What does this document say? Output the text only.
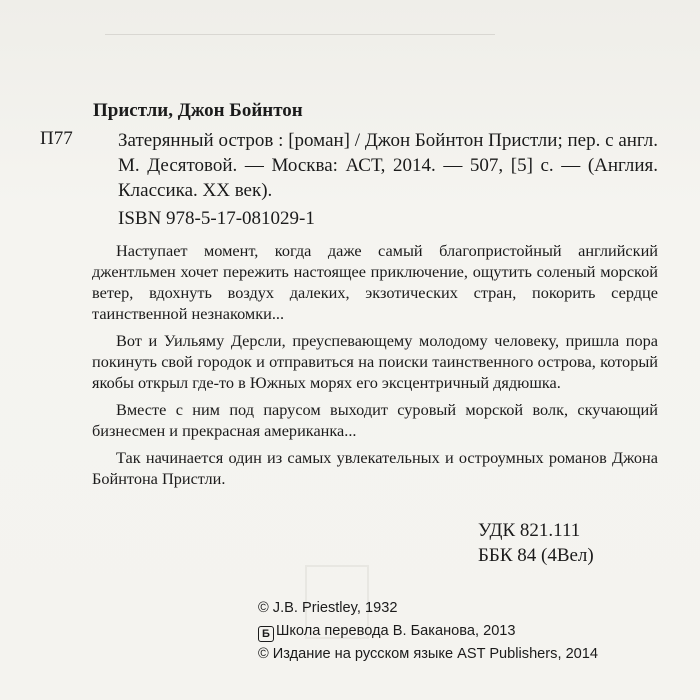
Пристли, Джон Бойнтон
П77 Затерянный остров : [роман] / Джон Бойнтон Пристли; пер. с англ. М. Десятовой. — Москва: АСТ, 2014. — 507, [5] с. — (Англия. Классика. XX век).
ISBN 978-5-17-081029-1

Наступает момент, когда даже самый благопристойный английский джентльмен хочет пережить настоящее приключение, ощутить соленый морской ветер, вдохнуть воздух далеких, экзотических стран, покорить сердце таинственной незнакомки...

Вот и Уильяму Дерсли, преуспевающему молодому человеку, пришла пора покинуть свой городок и отправиться на поиски таинственного острова, который якобы открыл где-то в Южных морях его эксцентричный дядюшка.

Вместе с ним под парусом выходит суровый морской волк, скучающий бизнесмен и прекрасная американка...

Так начинается один из самых увлекательных и остроумных романов Джона Бойнтона Пристли.

УДК 821.111
ББК 84 (4Вел)
© J.B. Priestley, 1932
Б Школа перевода В. Баканова, 2013
© Издание на русском языке AST Publishers, 2014
